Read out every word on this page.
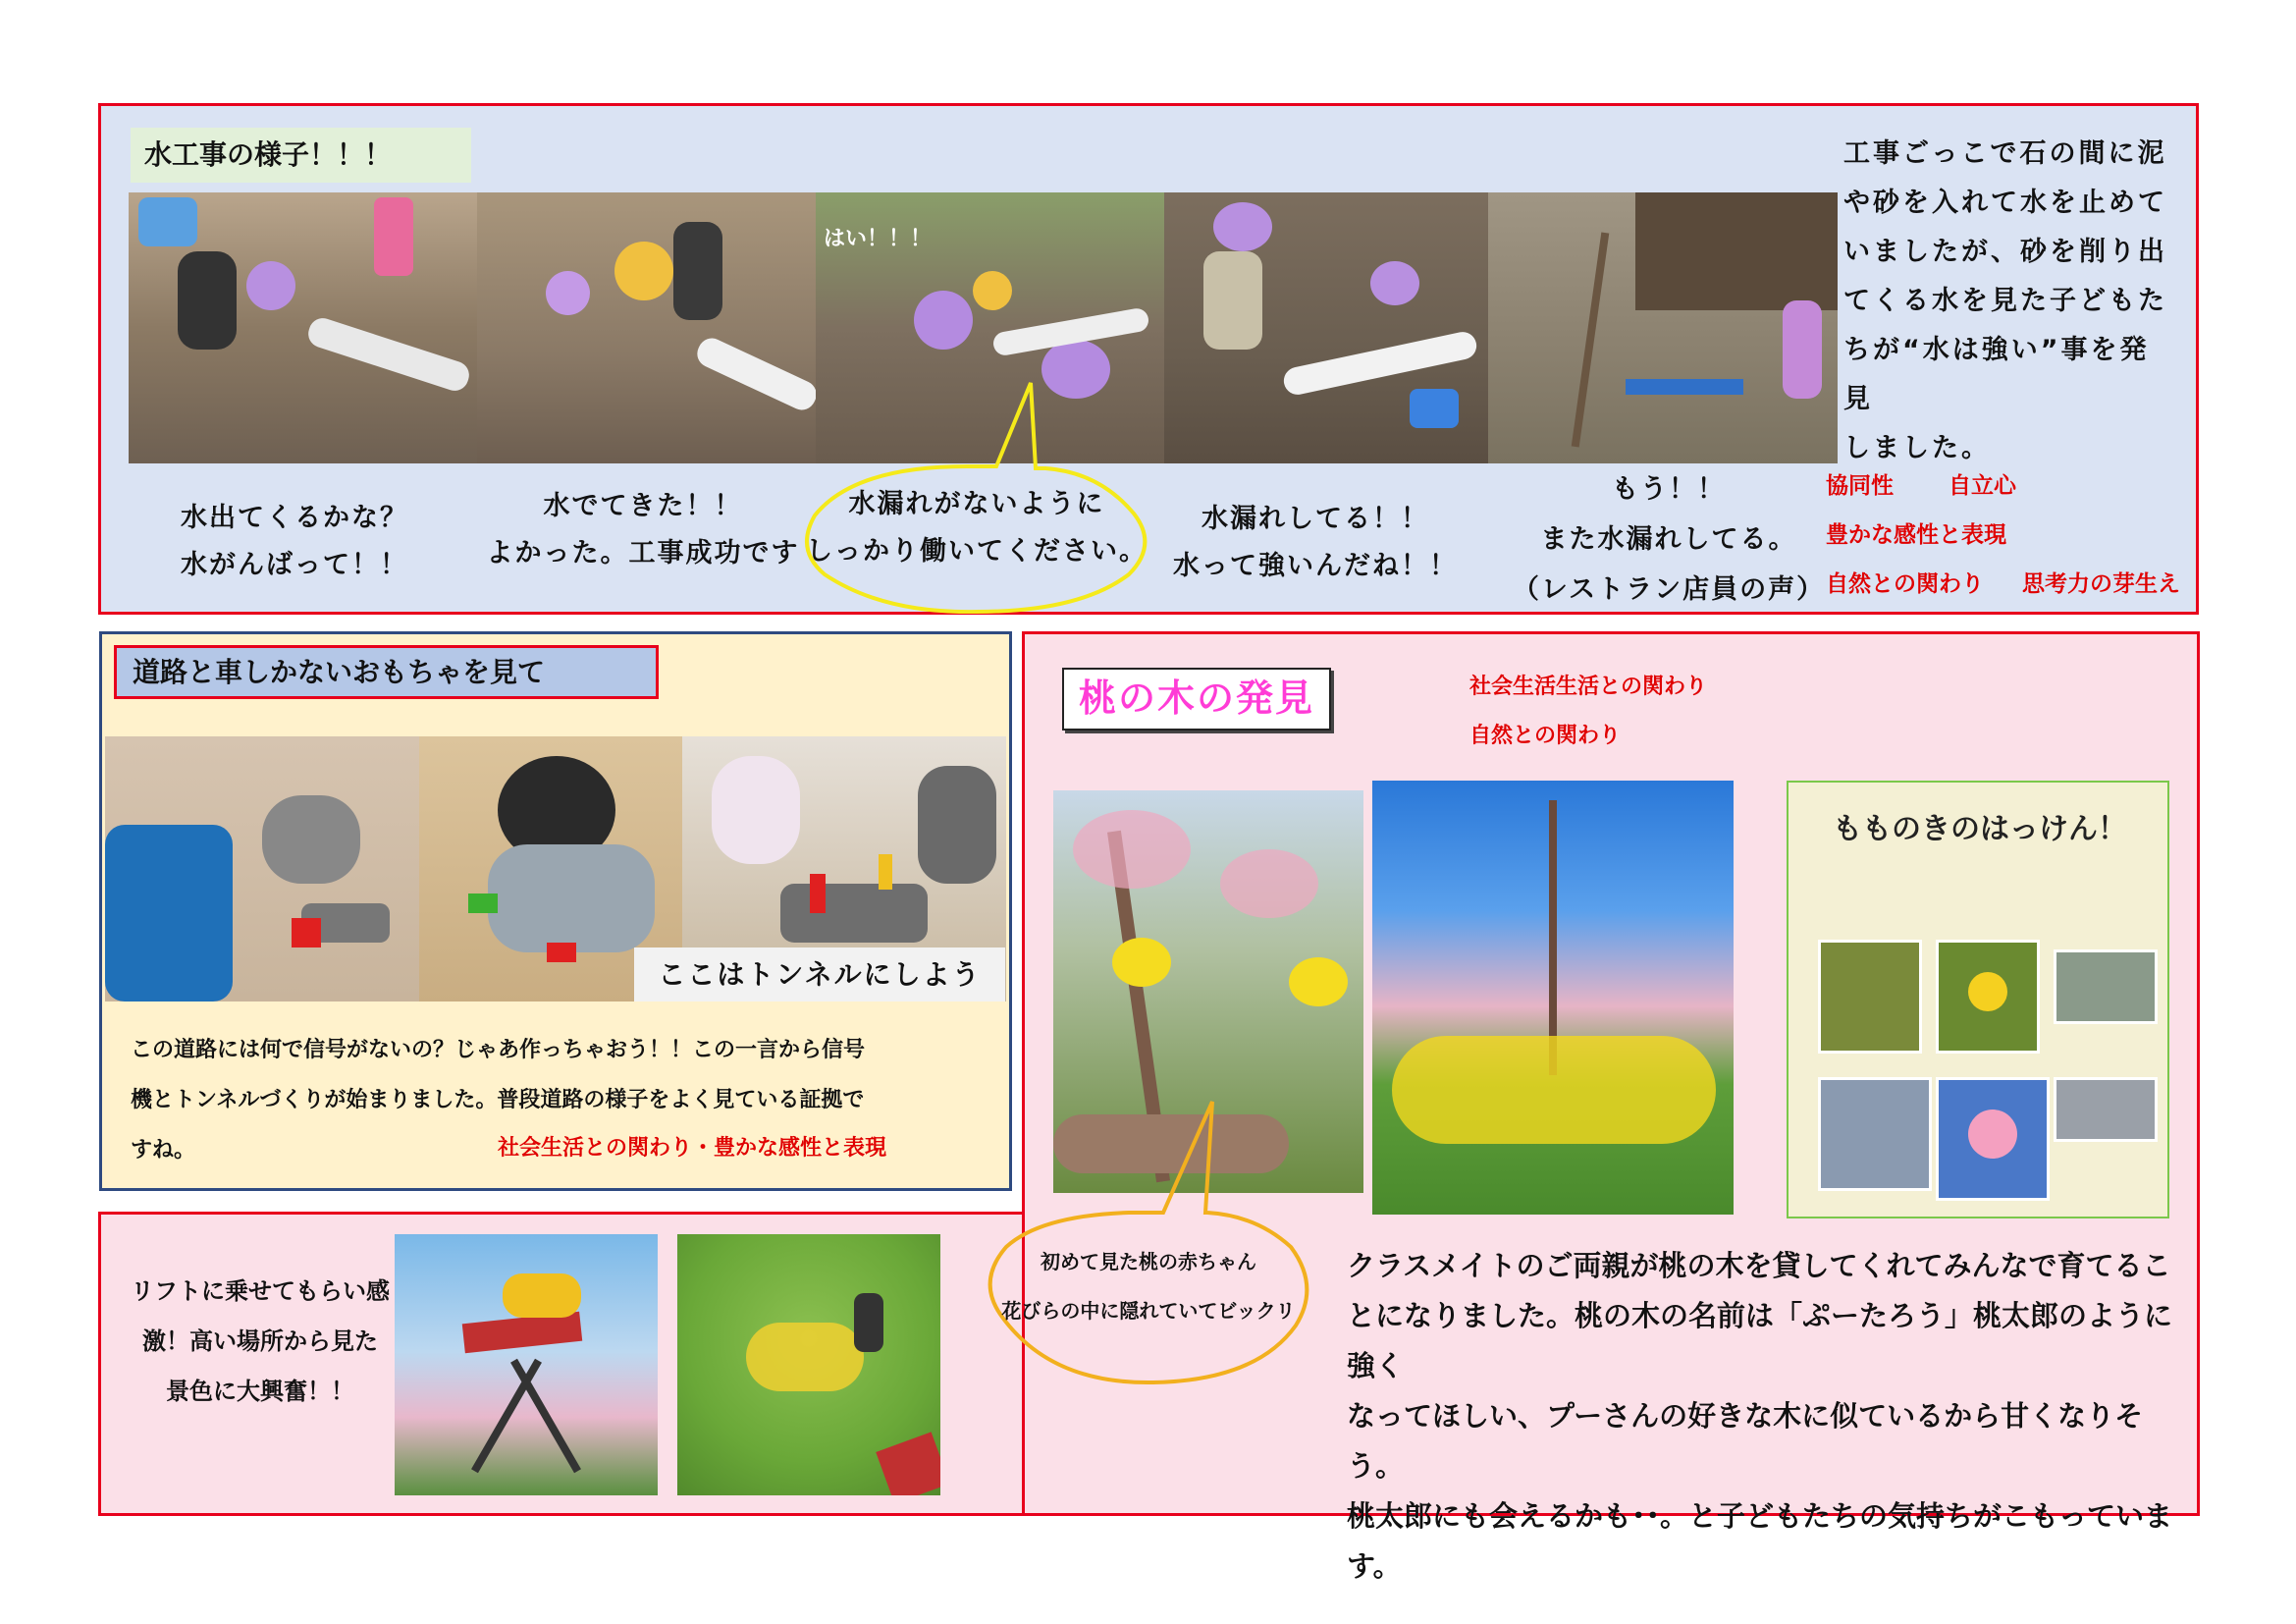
水工事の様子！！！
はい！！！
水出てくるかな？
水がんばって！！
水でてきた！！
よかった。工事成功です
水漏れがないように
しっかり働いてください。
水漏れしてる！！
水って強いんだね！！
もう！！
また水漏れしてる。
（レストラン店員の声）
工事ごっこで石の間に泥
や砂を入れて水を止めて
いましたが、砂を削り出
てくる水を見た子どもた
ちが“水は強い”事を発見
しました。
協同性 自立心
豊かな感性と表現
自然との関わり 思考力の芽生え
道路と車しかないおもちゃを見て
ここはトンネルにしよう
この道路には何で信号がないの？じゃあ作っちゃおう！！この一言から信号
機とトンネルづくりが始まりました。普段道路の様子をよく見ている証拠で
すね。	社会生活との関わり・豊かな感性と表現
リフトに乗せてもらい感
激！高い場所から見た
景色に大興奮！！
桃の木の発見	社会生活生活との関わり
自然との関わり
もものきのはっけん！
初めて見た桃の赤ちゃん
花びらの中に隠れていてビックリ
クラスメイトのご両親が桃の木を貸してくれてみんなで育てるこ
とになりました。桃の木の名前は「ぷーたろう」桃太郎のように強く
なってほしい、プーさんの好きな木に似ているから甘くなりそう。
桃太郎にも会えるかも･･。と子どもたちの気持ちがこもっていま
す。
